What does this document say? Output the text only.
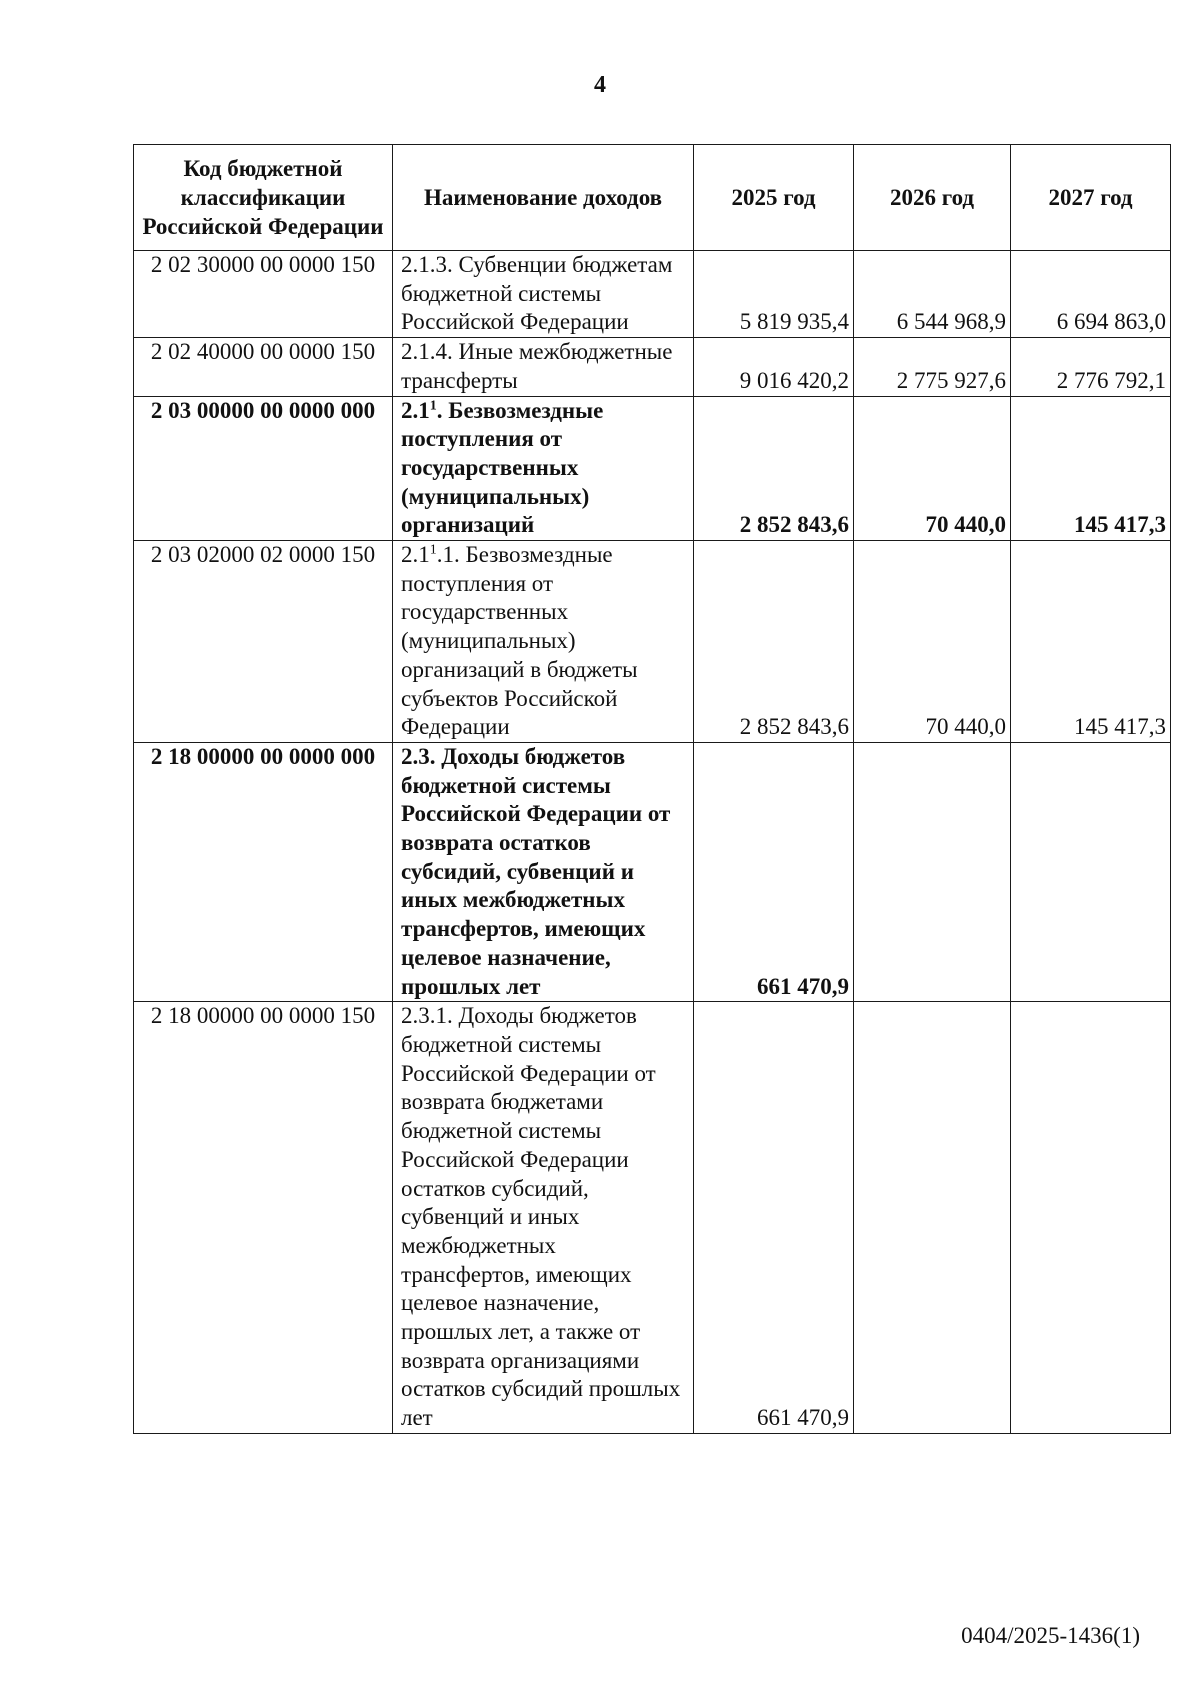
4
Код бюджетной классификации Российской Федерации	Наименование доходов	2025 год	2026 год	2027 год
2 02 30000 00 0000 150	2.1.3. Субвенции бюджетам бюджетной системы Российской Федерации	5 819 935,4	6 544 968,9	6 694 863,0
2 02 40000 00 0000 150	2.1.4. Иные межбюджетные трансферты	9 016 420,2	2 775 927,6	2 776 792,1
2 03 00000 00 0000 000	$2.1^1$. Безвозмездные поступления от государственных (муниципальных) организаций	2 852 843,6	70 440,0	145 417,3
2 03 02000 02 0000 150	$2.1^1.1$. Безвозмездные поступления от государственных (муниципальных) организаций в бюджеты субъектов Российской Федерации	2 852 843,6	70 440,0	145 417,3
2 18 00000 00 0000 000	2.3. Доходы бюджетов бюджетной системы Российской Федерации от возврата остатков субсидий, субвенций и иных межбюджетных трансфертов, имеющих целевое назначение, прошлых лет	661 470,9		
2 18 00000 00 0000 150	2.3.1. Доходы бюджетов бюджетной системы Российской Федерации от возврата бюджетами бюджетной системы Российской Федерации остатков субсидий, субвенций и иных межбюджетных трансфертов, имеющих целевое назначение, прошлых лет, а также от возврата организациями остатков субсидий прошлых лет	661 470,9		
0404/2025-1436(1)
